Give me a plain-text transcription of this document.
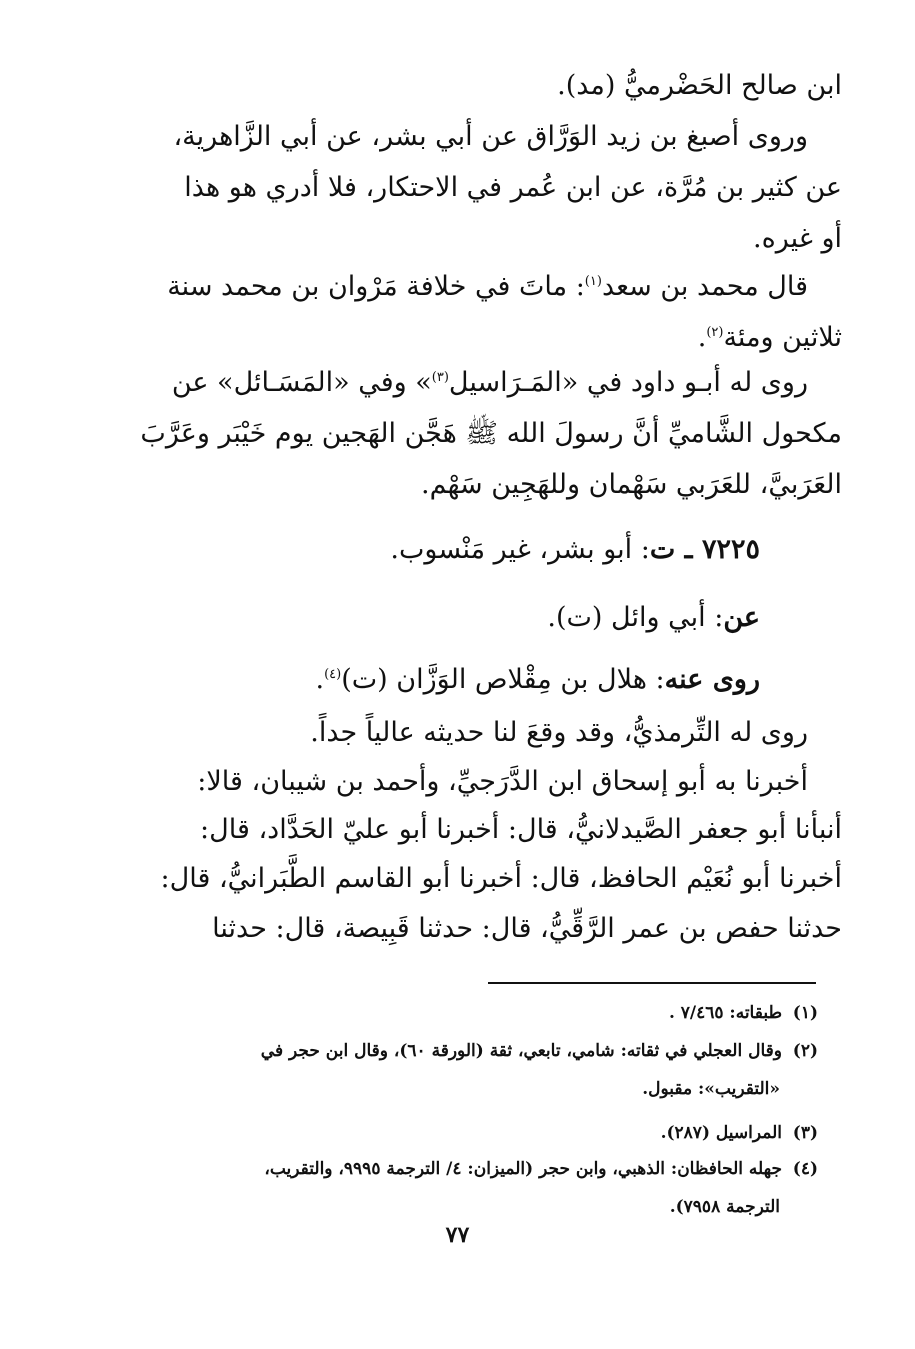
ابن صالح الحَضْرميُّ (مد).
وروى أصبغ بن زيد الوَرَّاق عن أبي بشر، عن أبي الزَّاهرية،
عن كثير بن مُرَّة، عن ابن عُمر في الاحتكار، فلا أدري هو هذا
أو غيره.
قال محمد بن سعد$^{(١)}$: ماتَ في خلافة مَرْوان بن محمد سنة
ثلاثين ومئة$^{(٢)}$.
روى له أبـو داود في «المَـرَاسيل$^{(٣)}$» وفي «المَسَـائل» عن
مكحول الشَّاميِّ أنَّ رسولَ الله ﷺ هَجَّن الهَجين يوم خَيْبَر وعَرَّبَ
العَرَبيَّ، للعَرَبي سَهْمان وللهَجِين سَهْم.
٧٢٢٥ ـ ت: أبو بشر، غير مَنْسوب.
عن: أبي وائل (ت).
روى عنه: هلال بن مِقْلاص الوَزَّان (ت)$^{(٤)}$.
روى له التِّرمذيُّ، وقد وقعَ لنا حديثه عالياً جداً.
أخبرنا به أبو إسحاق ابن الدَّرَجيِّ، وأحمد بن شيبان، قالا:
أنبأنا أبو جعفر الصَّيدلانيُّ، قال: أخبرنا أبو عليّ الحَدَّاد، قال:
أخبرنا أبو نُعَيْم الحافظ، قال: أخبرنا أبو القاسم الطَّبَرانيُّ، قال:
حدثنا حفص بن عمر الرَّقِّيُّ، قال: حدثنا قَبِيصة، قال: حدثنا
(١)طبقاته: ٧/٤٦٥ .
(٢)وقال العجلي في ثقاته: شامي، تابعي، ثقة (الورقة ٦٠)، وقال ابن حجر في
«التقريب»: مقبول.
(٣)المراسيل (٢٨٧).
(٤)جهله الحافظان: الذهبي، وابن حجر (الميزان: ٤/ الترجمة ٩٩٩٥، والتقريب،
الترجمة ٧٩٥٨).
٧٧
